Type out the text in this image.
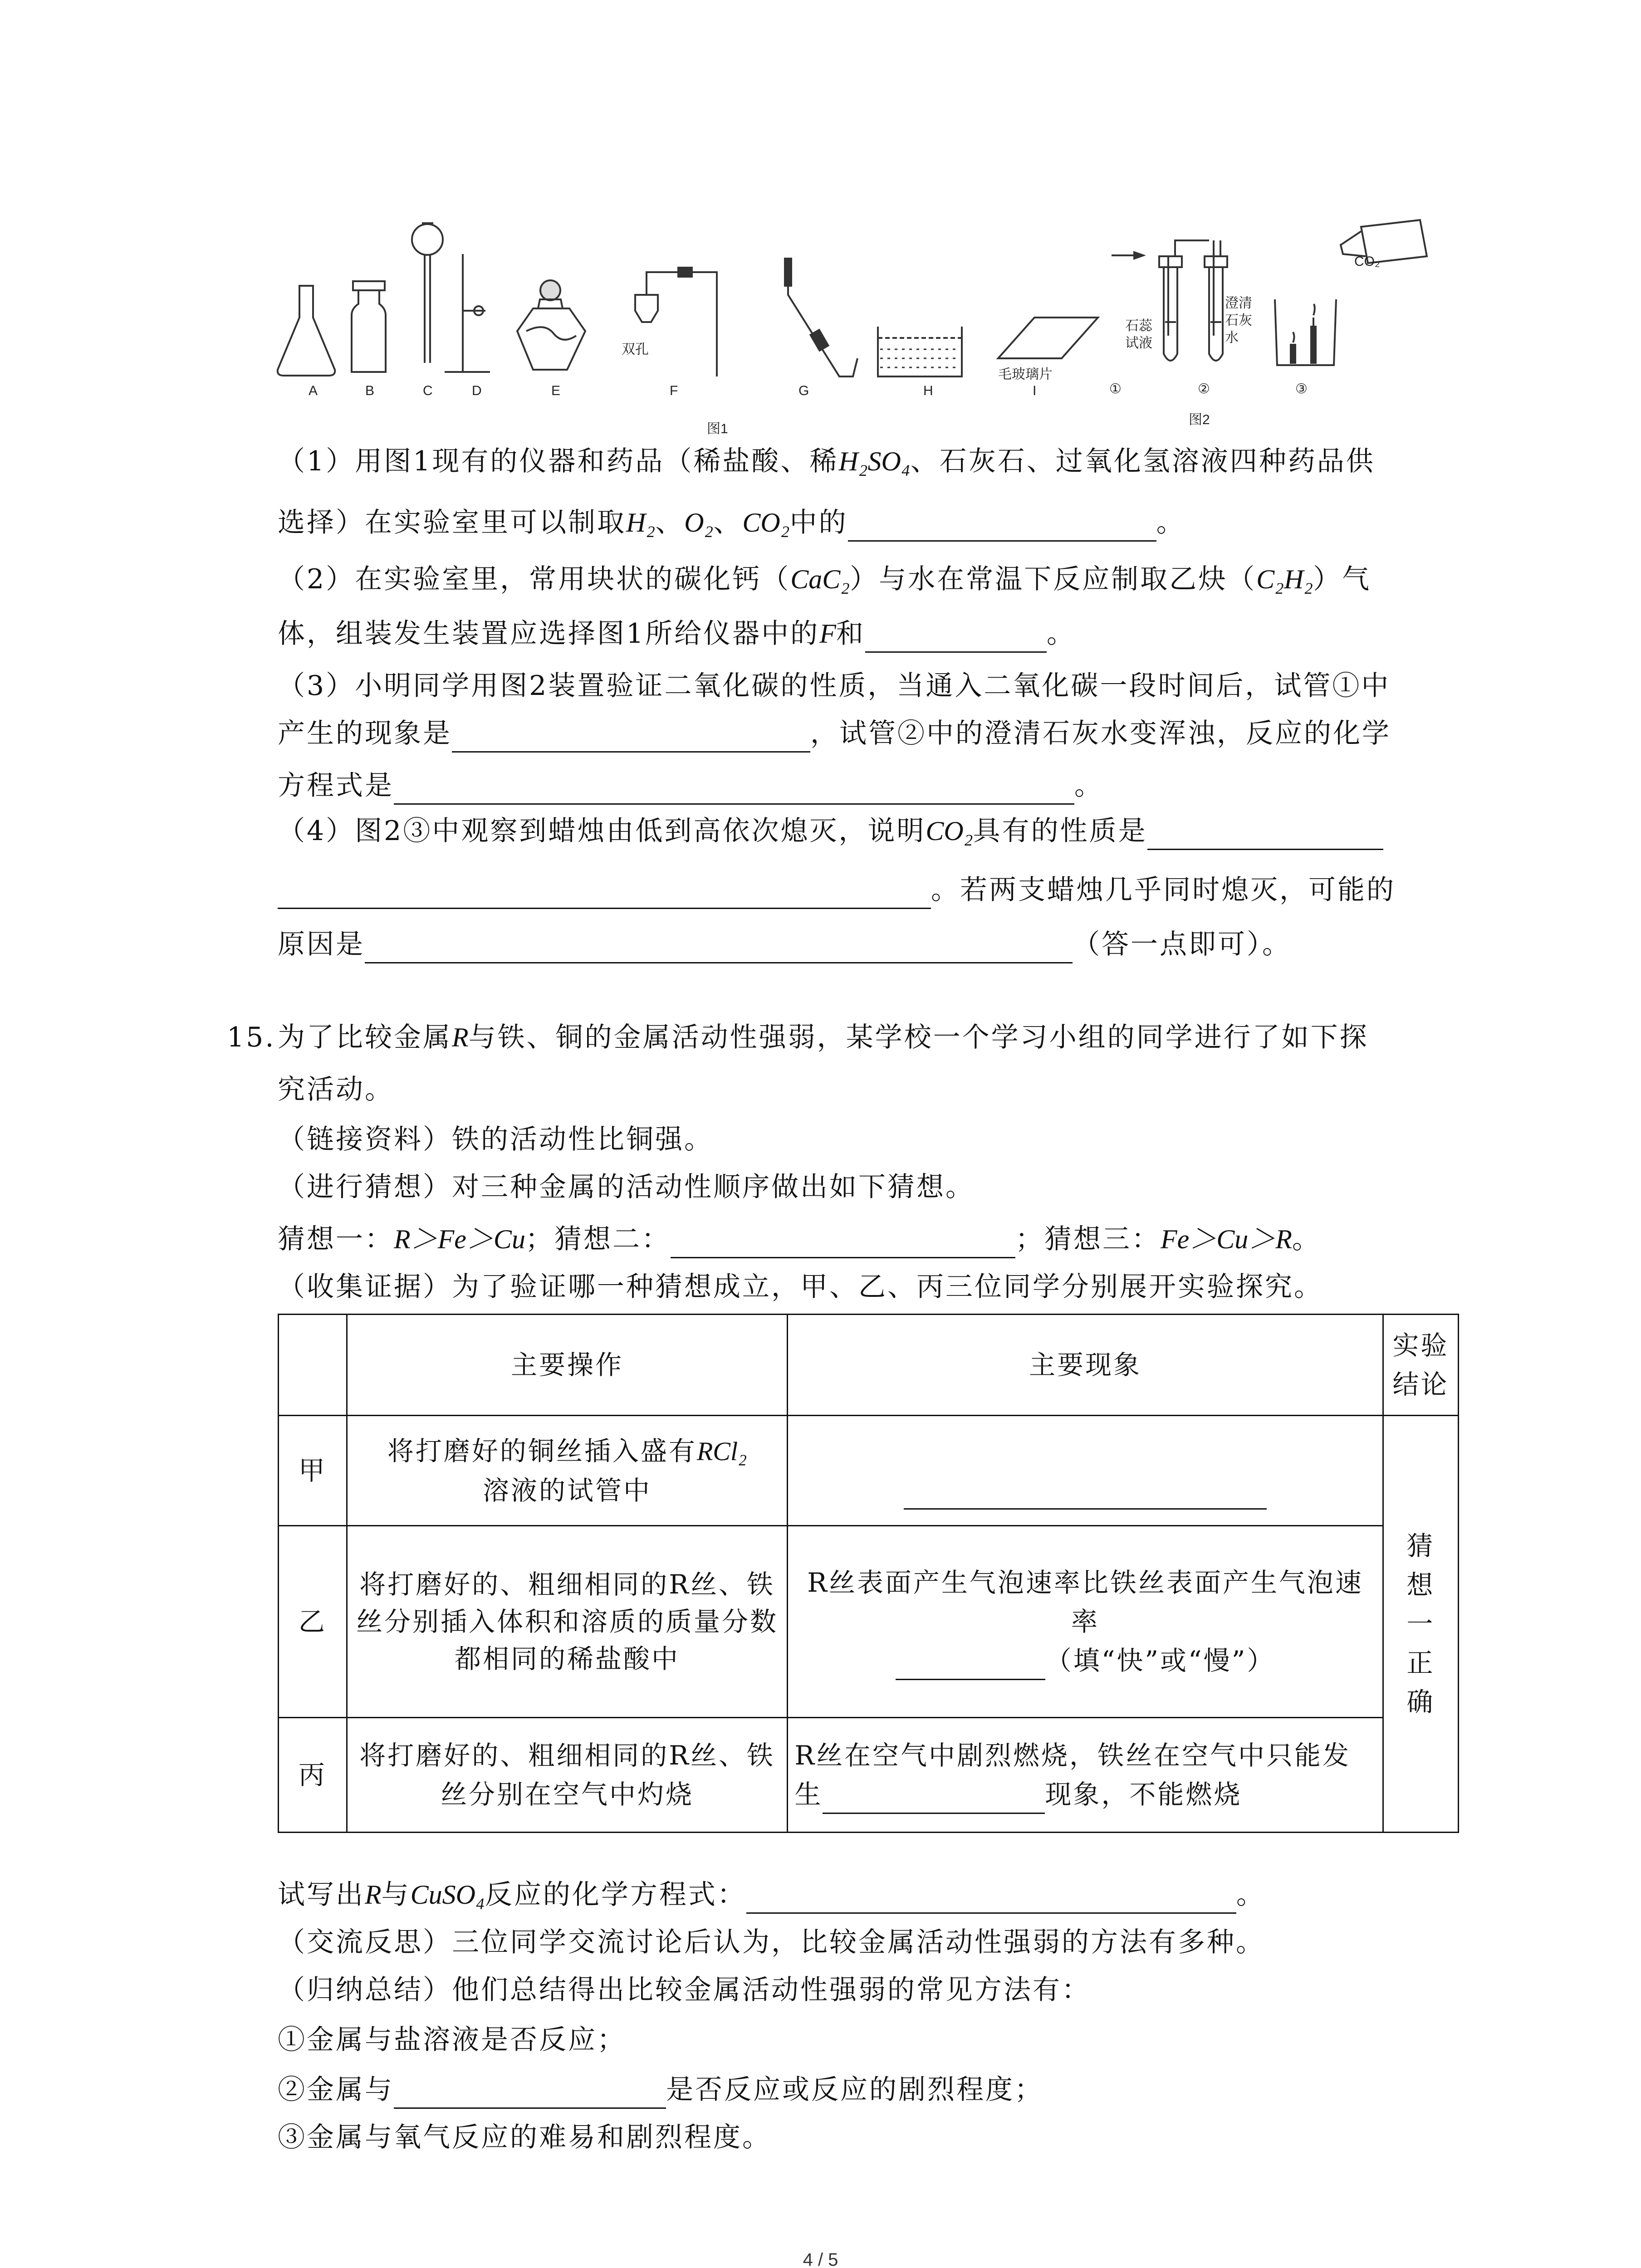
A	B	C	D	E	F	G	H	I
双孔
毛玻璃片
石蕊试液
澄清石灰水
①	②	③
CO₂
图1
图2
（1）用图1现有的仪器和药品（稀盐酸、稀H₂SO₄、石灰石、过氧化氢溶液四种药品供
选择）在实验室里可以制取H₂、O₂、CO₂中的	。
（2）在实验室里，常用块状的碳化钙（CaC₂）与水在常温下反应制取乙炔（C₂H₂）气
体，组装发生装置应选择图1所给仪器中的F和	。
（3）小明同学用图2装置验证二氧化碳的性质，当通入二氧化碳一段时间后，试管①中
产生的现象是	，试管②中的澄清石灰水变浑浊，反应的化学
方程式是	。
（4）图2③中观察到蜡烛由低到高依次熄灭，说明CO₂具有的性质是
。若两支蜡烛几乎同时熄灭，可能的
原因是	（答一点即可）。
15. 为了比较金属R与铁、铜的金属活动性强弱，某学校一个学习小组的同学进行了如下探
究活动。
（链接资料）铁的活动性比铜强。
（进行猜想）对三种金属的活动性顺序做出如下猜想。
猜想一：R＞Fe＞Cu；猜想二：	；猜想三：Fe＞Cu＞R。
（收集证据）为了验证哪一种猜想成立，甲、乙、丙三位同学分别展开实验探究。
	主要操作	主要现象	实验结论
甲	将打磨好的铜丝插入盛有RCl₂
溶液的试管中		猜想一正确
乙	将打磨好的、粗细相同的R丝、铁丝分别插入体积和溶质的质量分数都相同的稀盐酸中	R丝表面产生气泡速率比铁丝表面产生气泡速率
（填“快”或“慢”）	
丙	将打磨好的、粗细相同的R丝、铁丝分别在空气中灼烧	R丝在空气中剧烈燃烧，铁丝在空气中只能发生 现象，不能燃烧	
试写出R与CuSO₄反应的化学方程式：	。
（交流反思）三位同学交流讨论后认为，比较金属活动性强弱的方法有多种。
（归纳总结）他们总结得出比较金属活动性强弱的常见方法有：
①金属与盐溶液是否反应；
②金属与	是否反应或反应的剧烈程度；
③金属与氧气反应的难易和剧烈程度。
4 / 5
